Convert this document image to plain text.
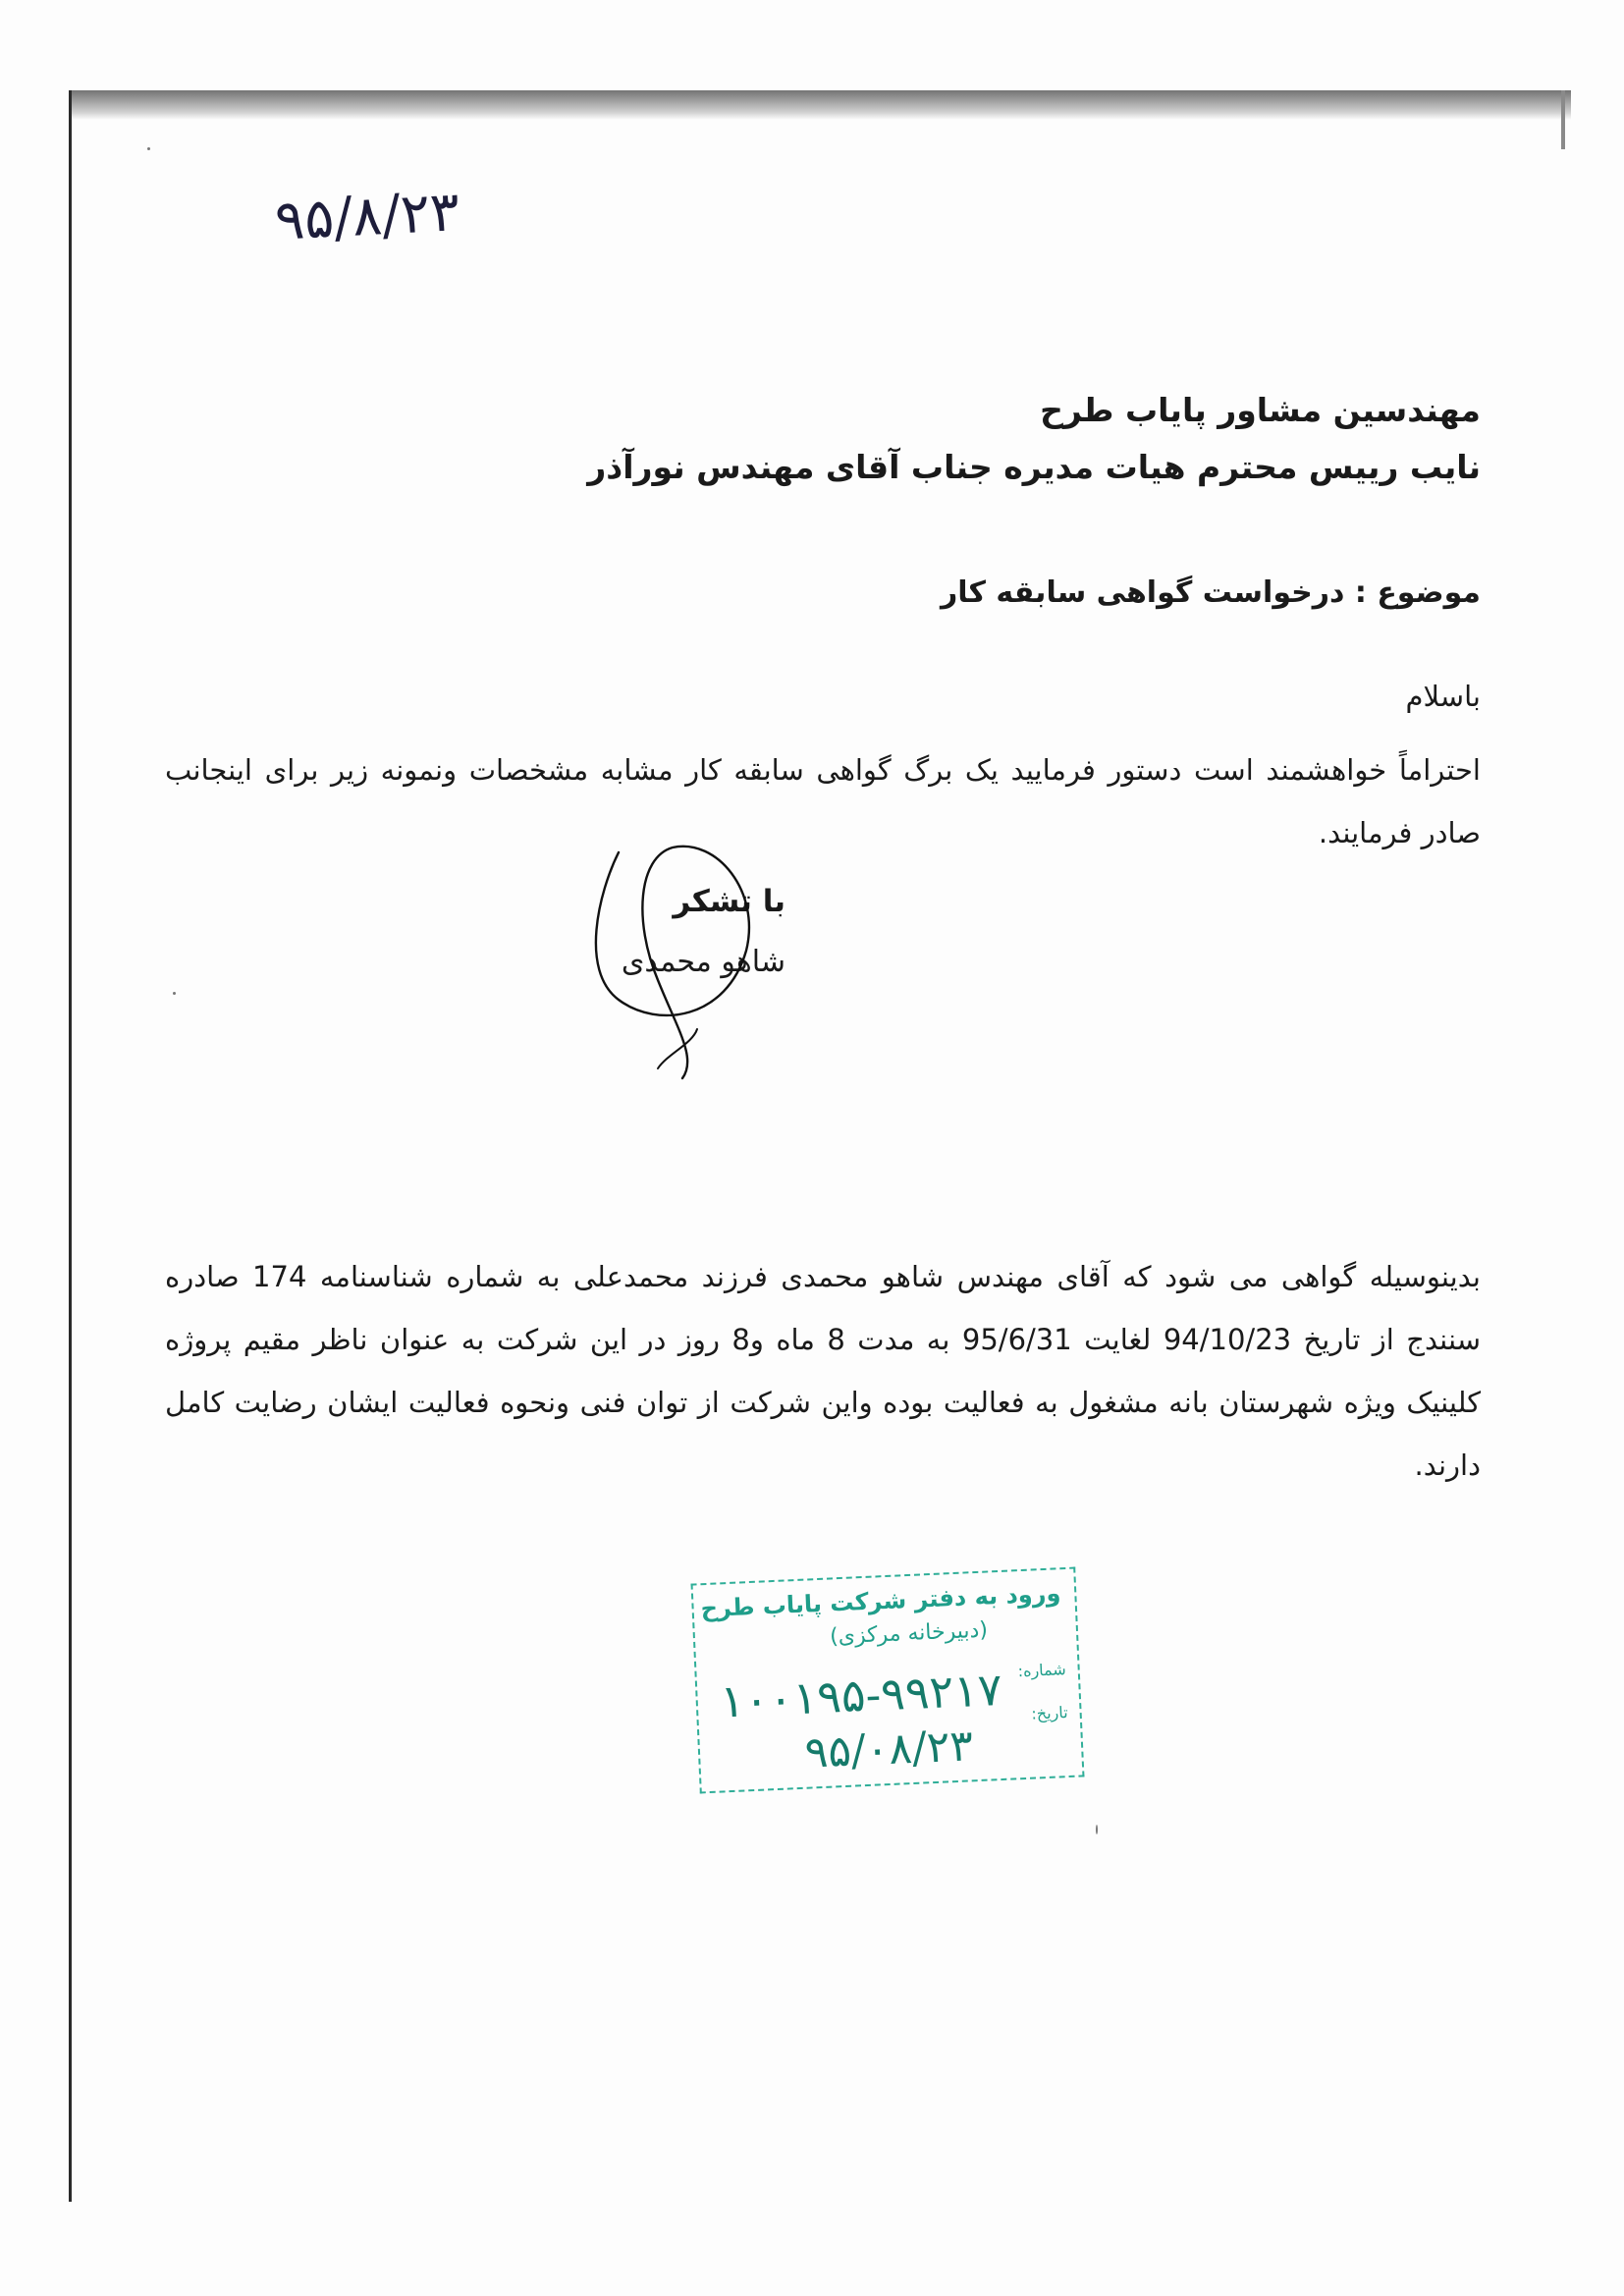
۹۵/۸/۲۳
مهندسین مشاور پایاب طرح
نایب رییس محترم هیات مدیره جناب آقای مهندس نورآذر
موضوع : درخواست گواهی سابقه کار
باسلام
احتراماً خواهشمند است دستور فرمایید یک برگ گواهی سابقه کار مشابه مشخصات ونمونه زیر برای اینجانب صادر فرمایند.
با تشکر
شاهو محمدی
بدینوسیله گواهی می شود که آقای مهندس شاهو محمدی فرزند محمدعلی به شماره شناسنامه 174 صادره سنندج از تاریخ 94/10/23 لغایت 95/6/31 به مدت 8 ماه و8 روز در این شرکت به عنوان ناظر مقیم پروژه کلینیک ویژه شهرستان بانه مشغول به فعالیت بوده واین شرکت از توان فنی ونحوه فعالیت ایشان رضایت کامل دارند.
ورود به دفتر شرکت پایاب طرح
(دبیرخانه مرکزی)
شماره:
تاریخ:
۱۰۰۱۹۵-۹۹۲۱۷
۹۵/۰۸/۲۳
